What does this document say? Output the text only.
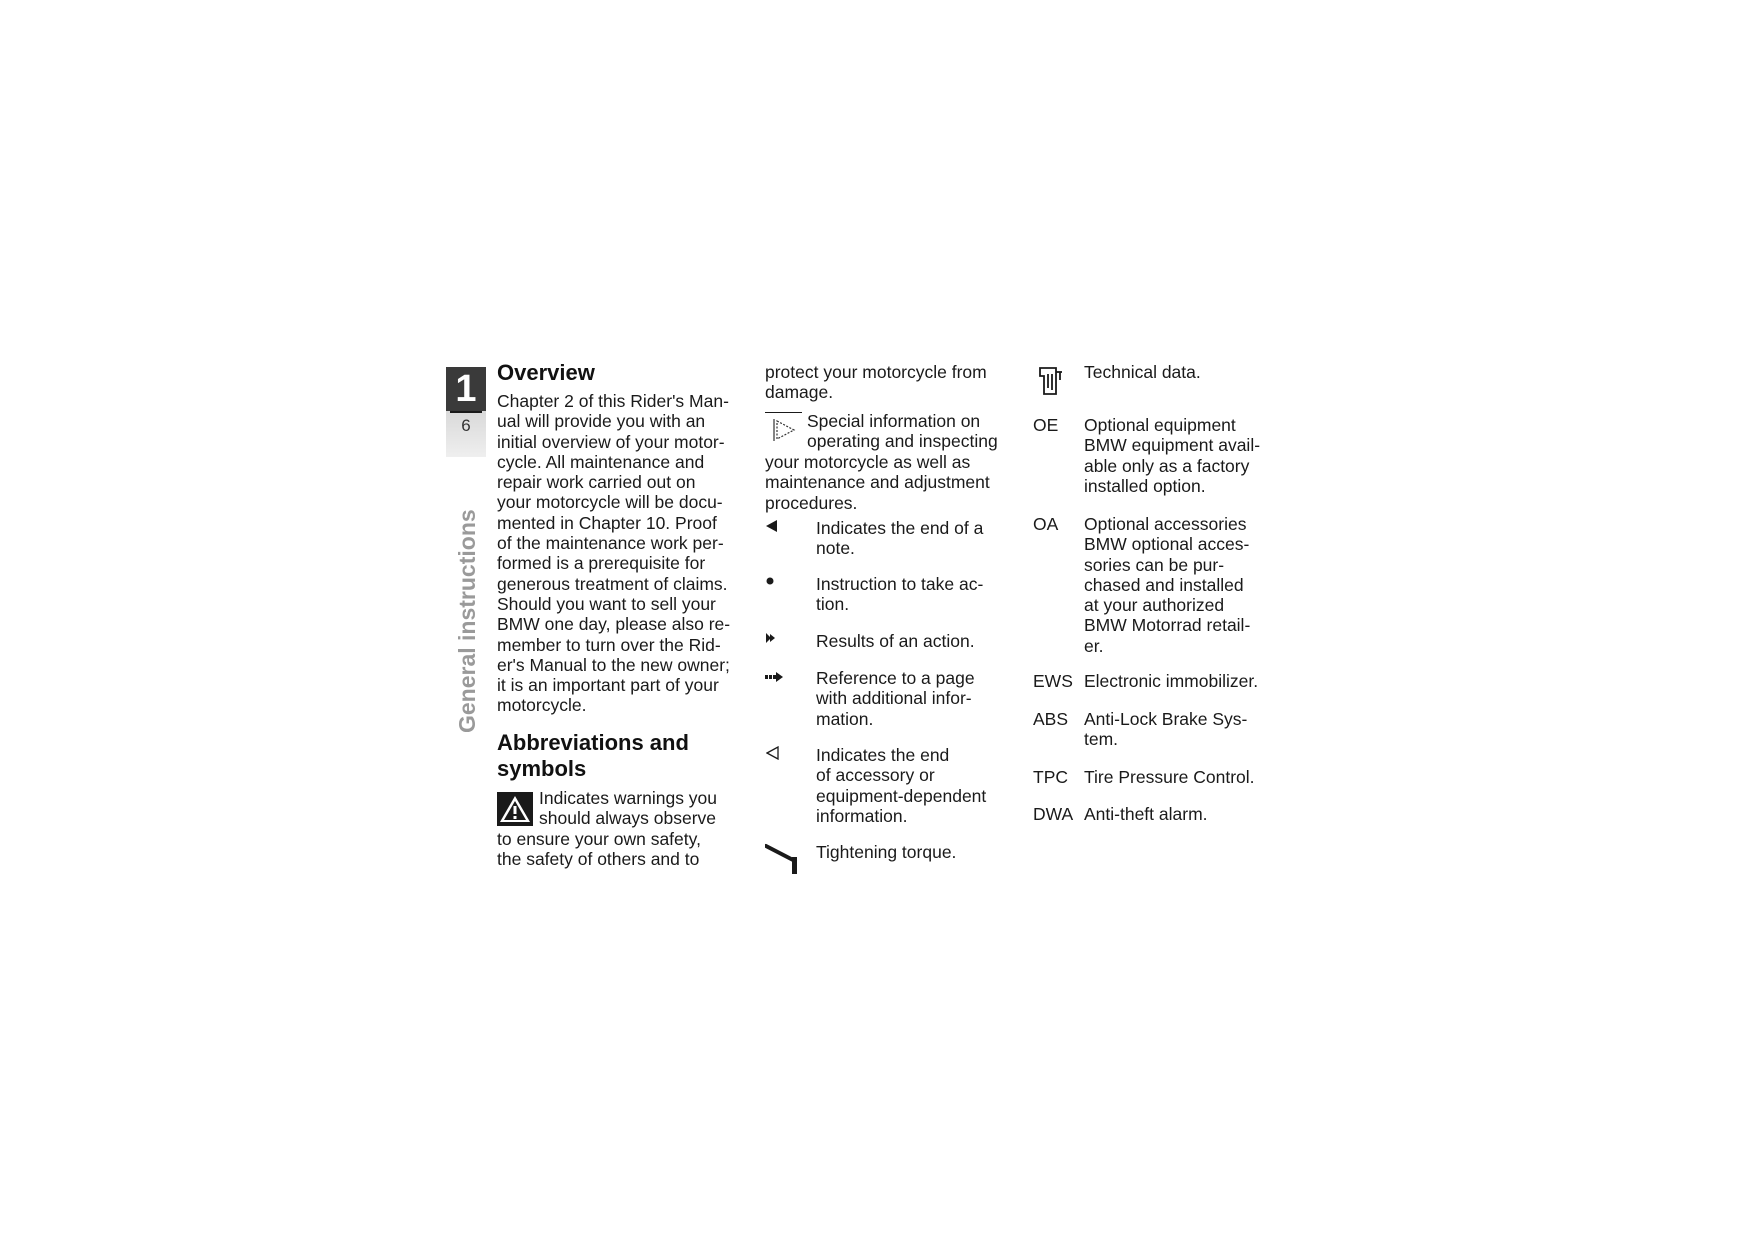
1
6
General instructions
Overview
Chapter 2 of this Rider's Man-
ual will provide you with an
initial overview of your motor-
cycle. All maintenance and
repair work carried out on
your motorcycle will be docu-
mented in Chapter 10. Proof
of the maintenance work per-
formed is a prerequisite for
generous treatment of claims.
Should you want to sell your
BMW one day, please also re-
member to turn over the Rid-
er's Manual to the new owner;
it is an important part of your
motorcycle.
Abbreviations and
symbols
Indicates warnings you
should always observe
to ensure your own safety,
the safety of others and to
protect your motorcycle from
damage.
Special information on
operating and inspecting
your motorcycle as well as
maintenance and adjustment
procedures.
Indicates the end of a
note.
Instruction to take ac-
tion.
Results of an action.
Reference to a page
with additional infor-
mation.
Indicates the end
of accessory or
equipment-dependent
information.
Tightening torque.
Technical data.
OE	Optional equipment
BMW equipment avail-
able only as a factory
installed option.
OA	Optional accessories
BMW optional acces-
sories can be pur-
chased and installed
at your authorized
BMW Motorrad retail-
er.
EWS Electronic immobilizer.
ABS Anti-Lock Brake Sys-
tem.
TPC Tire Pressure Control.
DWA Anti-theft alarm.
